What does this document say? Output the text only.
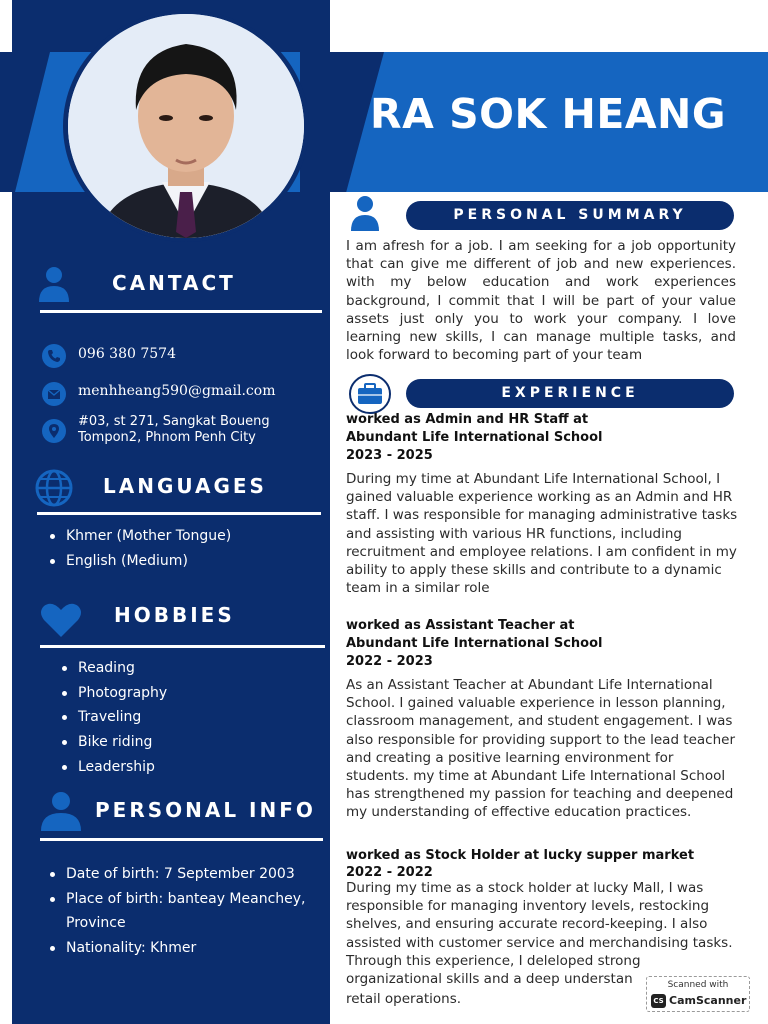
RA SOK HEANG
CANTACT
096 380 7574
menhheang590@gmail.com
#03, st 271, Sangkat Boueng
Tompon2, Phnom Penh City
LANGUAGES
Khmer (Mother Tongue)
English (Medium)
HOBBIES
Reading
Photography
Traveling
Bike riding
Leadership
PERSONAL INFO
Date of birth: 7 September 2003
Place of birth: banteay Meanchey,
Province
Nationality: Khmer
PERSONAL SUMMARY
I am afresh for a job. I am seeking for a job opportunity that can give me different of job and new experiences. with my below education and work experiences background, I commit that I will be part of your value assets just only you to work your company. I love learning new skills, I can manage multiple tasks, and look forward to becoming part of your team
EXPERIENCE
worked as Admin and HR Staff at
Abundant Life International School
2023 - 2025
During my time at Abundant Life International School, I gained valuable experience working as an Admin and HR staff. I was responsible for managing administrative tasks and assisting with various HR functions, including recruitment and employee relations. I am confident in my ability to apply these skills and contribute to a dynamic team in a similar role
worked as Assistant Teacher at
Abundant Life International School
2022 - 2023
As an Assistant Teacher at Abundant Life International School. I gained valuable experience in lesson planning, classroom management, and student engagement. I was also responsible for providing support to the lead teacher and creating a positive learning environment for students. my time at Abundant Life International School has strengthened my passion for teaching and deepened my understanding of effective education practices.
worked as Stock Holder at lucky supper market
2022 - 2022
During my time as a stock holder at lucky Mall, I was responsible for managing inventory levels, restocking shelves, and ensuring accurate record-keeping. I also assisted with customer service and merchandising tasks. Through this experience, I deleloped strong organizational skills and a deep understan
retail operations.
Scanned with
CS CamScanner
